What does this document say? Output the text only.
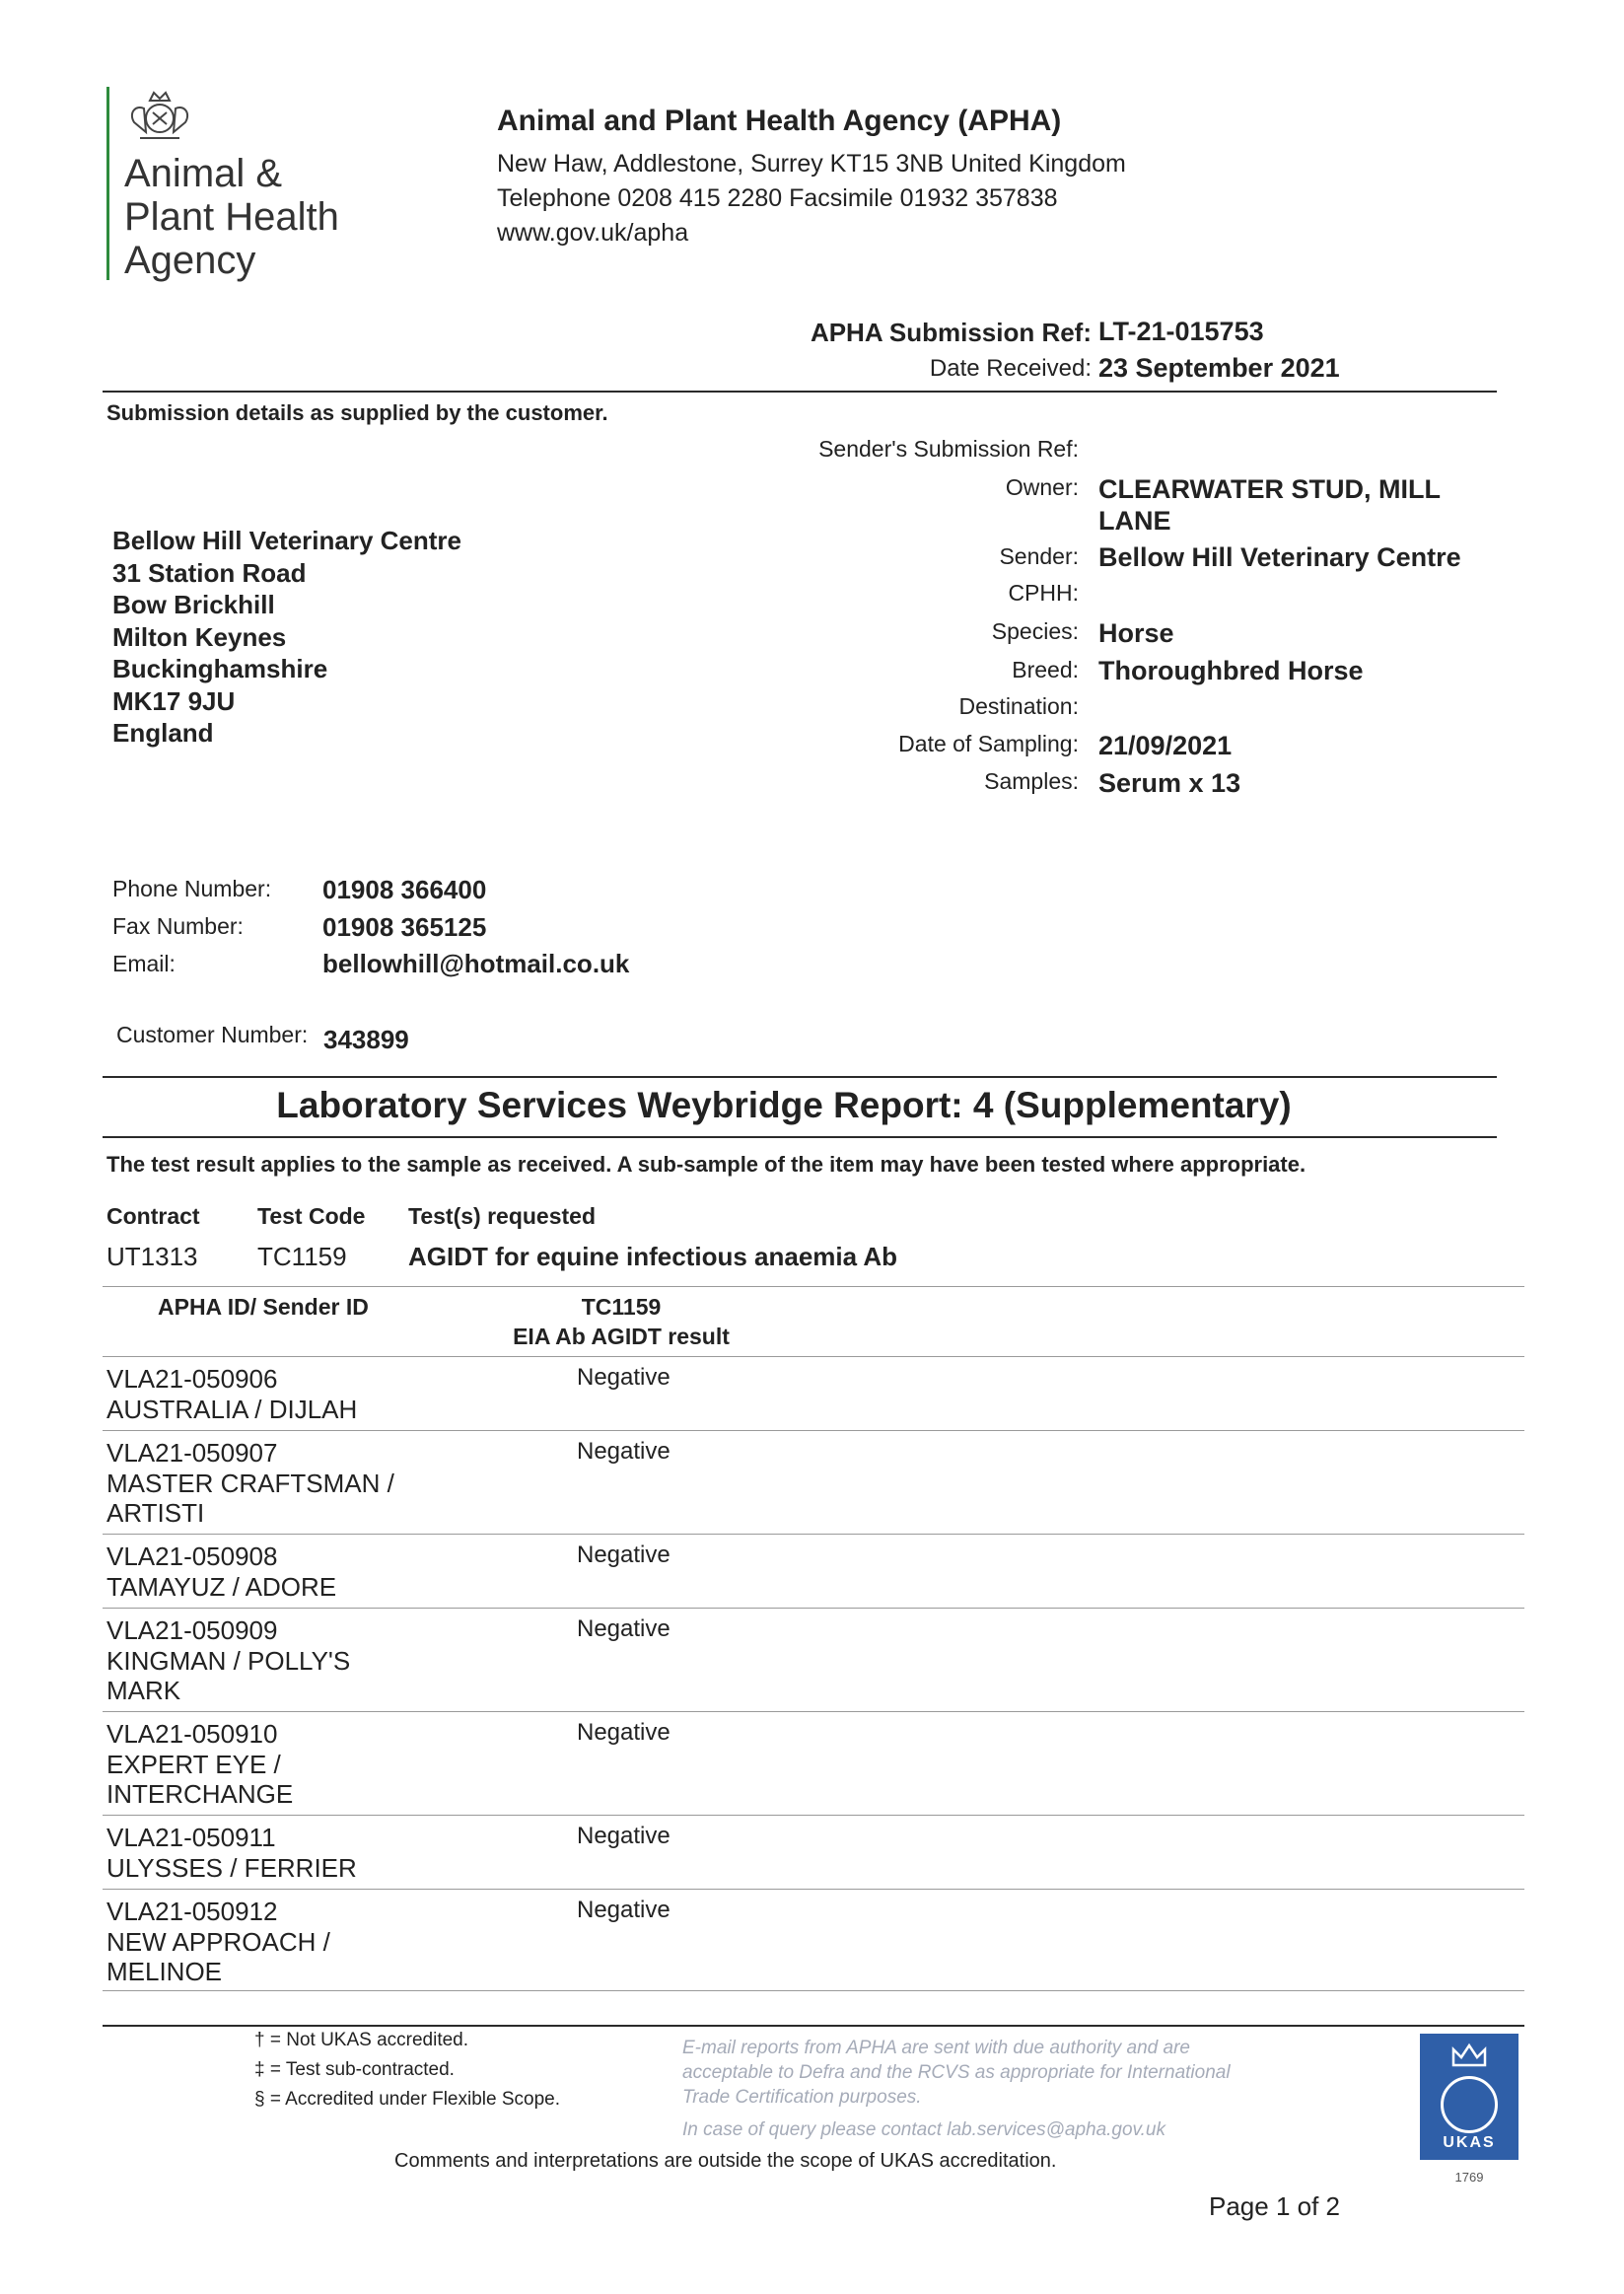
Animal &
Plant Health
Agency
Animal and Plant Health Agency (APHA)
New Haw, Addlestone, Surrey KT15 3NB United Kingdom
Telephone 0208 415 2280 Facsimile 01932 357838
www.gov.uk/apha
APHA Submission Ref: LT-21-015753
Date Received: 23 September 2021
Submission details as supplied by the customer.
Sender's Submission Ref:
Owner: CLEARWATER STUD, MILL
LANE
Sender: Bellow Hill Veterinary Centre
CPHH:
Species: Horse
Breed: Thoroughbred Horse
Destination:
Date of Sampling: 21/09/2021
Samples: Serum x 13
Bellow Hill Veterinary Centre
31 Station Road
Bow Brickhill
Milton Keynes
Buckinghamshire
MK17 9JU
England
Phone Number: 01908 366400
Fax Number:	01908 365125
Email:	bellowhill@hotmail.co.uk
Customer Number: 343899
Laboratory Services Weybridge Report: 4 (Supplementary)
The test result applies to the sample as received. A sub-sample of the item may have been tested where appropriate.
Contract	Test Code Test(s) requested
UT1313 TC1159 AGIDT for equine infectious anaemia Ab
APHA ID/ Sender ID	TC1159
EIA Ab AGIDT result
VLA21-050906
AUSTRALIA / DIJLAH
Negative
VLA21-050907
MASTER CRAFTSMAN /
ARTISTI
Negative
VLA21-050908
TAMAYUZ / ADORE
Negative
VLA21-050909
KINGMAN / POLLY'S
MARK
Negative
VLA21-050910
EXPERT EYE /
INTERCHANGE
Negative
VLA21-050911
ULYSSES / FERRIER
Negative
VLA21-050912
NEW APPROACH /
MELINOE
Negative
† = Not UKAS accredited.
‡ = Test sub-contracted.
§ = Accredited under Flexible Scope.
E-mail reports from APHA are sent with due authority and are
acceptable to Defra and the RCVS as appropriate for International
Trade Certification purposes.
In case of query please contact lab.services@apha.gov.uk
UKAS
1769
Comments and interpretations are outside the scope of UKAS accreditation.
Page 1 of 2
